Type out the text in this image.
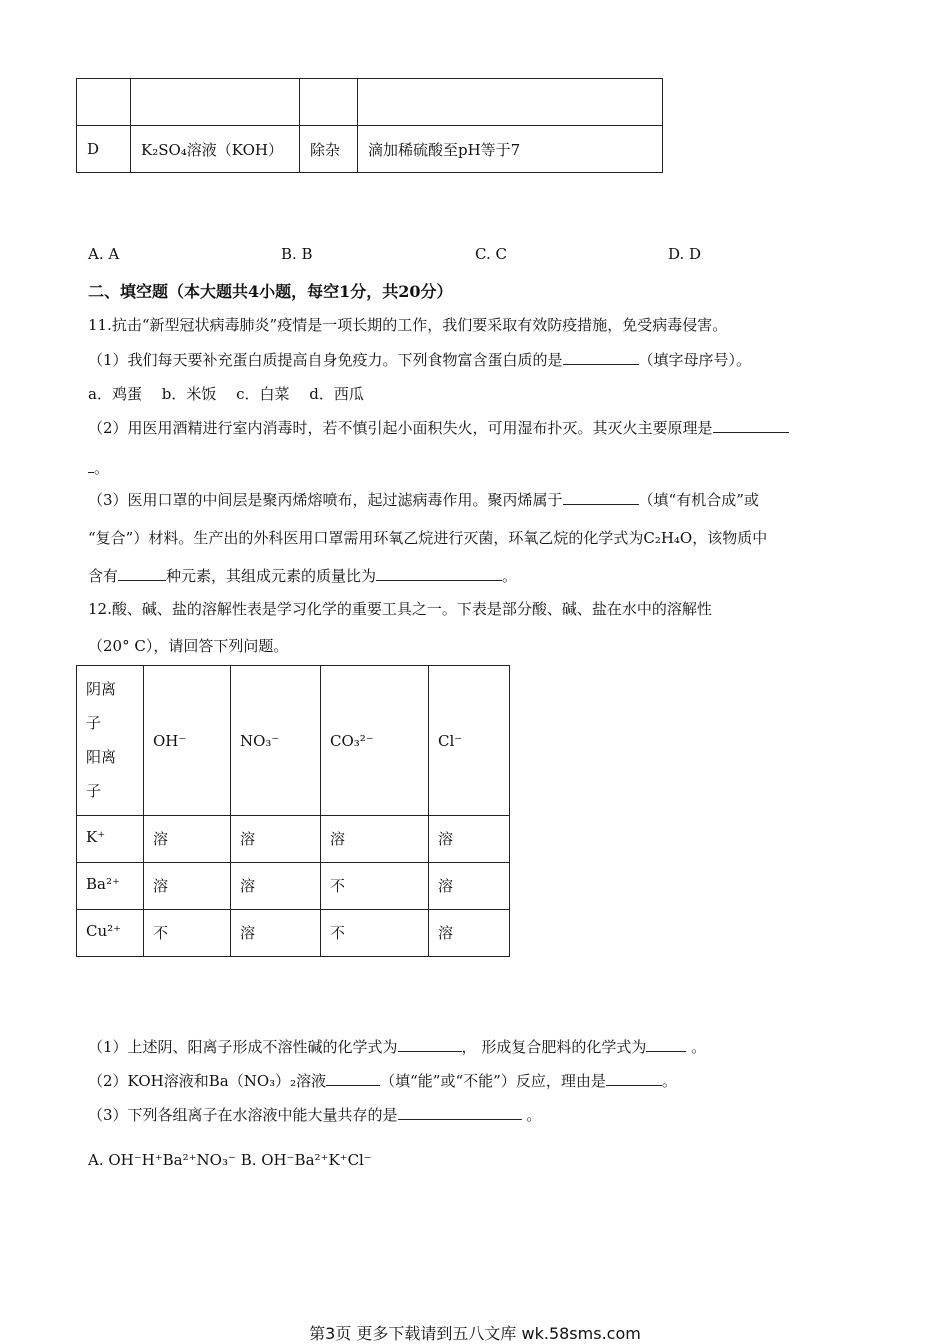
D	K₂SO₄溶液（KOH）	除杂	滴加稀硫酸至pH等于7
A. A	B. B	C. C	D. D
二、填空题（本大题共4小题，每空1分，共20分）
11.抗击“新型冠状病毒肺炎”疫情是一项长期的工作，我们要采取有效防疫措施，免受病毒侵害。
（1）我们每天要补充蛋白质提高自身免疫力。下列食物富含蛋白质的是	（填字母序号）。
a．鸡蛋　 b．米饭　 c．白菜　 d．西瓜
（2）用医用酒精进行室内消毒时，若不慎引起小面积失火，可用湿布扑灭。其灭火主要原理是
。
（3）医用口罩的中间层是聚丙烯熔喷布，起过滤病毒作用。聚丙烯属于	（填“有机合成”或
“复合”）材料。生产出的外科医用口罩需用环氧乙烷进行灭菌，环氧乙烷的化学式为C₂H₄O，该物质中
含有	种元素，其组成元素的质量比为	。
12.酸、碱、盐的溶解性表是学习化学的重要工具之一。下表是部分酸、碱、盐在水中的溶解性
（20° C），请回答下列问题。
阴离
子
阳离
子	OH⁻	NO₃⁻	CO₃²⁻	Cl⁻
K⁺	溶	溶	溶	溶
Ba²⁺	溶	溶	不	溶
Cu²⁺	不	溶	不	溶
（1）上述阴、阳离子形成不溶性碱的化学式为	， 形成复合肥料的化学式为	。
（2）KOH溶液和Ba（NO₃）₂溶液	（填“能”或“不能”）反应，理由是	。
（3）下列各组离子在水溶液中能大量共存的是	。
A. OH⁻H⁺Ba²⁺NO₃⁻ B. OH⁻Ba²⁺K⁺Cl⁻
第3页 更多下载请到五八文库 wk.58sms.com
